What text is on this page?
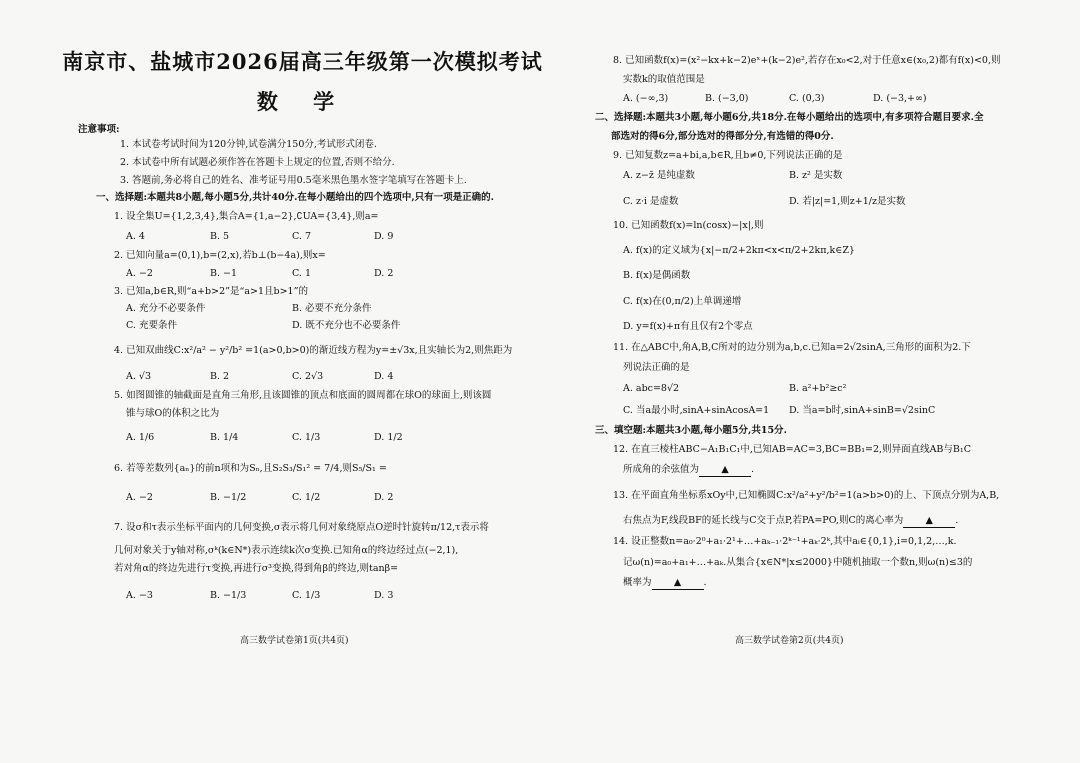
南京市、盐城市2026届高三年级第一次模拟考试
数 学
注意事项:
1. 本试卷考试时间为120分钟,试卷满分150分,考试形式闭卷.
2. 本试卷中所有试题必须作答在答题卡上规定的位置,否则不给分.
3. 答题前,务必将自己的姓名、准考证号用0.5毫米黑色墨水签字笔填写在答题卡上.
一、选择题:本题共8小题,每小题5分,共计40分.在每小题给出的四个选项中,只有一项是正确的.
1. 设全集U={1,2,3,4},集合A={1,a−2},∁UA={3,4},则a=
A. 4	B. 5	C. 7	D. 9
2. 已知向量a=(0,1),b=(2,x),若b⊥(b−4a),则x=
A. −2	B. −1	C. 1	D. 2
3. 已知a,b∈R,则“a+b>2”是“a>1且b>1”的
A. 充分不必要条件	B. 必要不充分条件
C. 充要条件	D. 既不充分也不必要条件
4. 已知双曲线C:x²/a² − y²/b² =1(a>0,b>0)的渐近线方程为y=±√3x,且实轴长为2,则焦距为
A. √3	B. 2	C. 2√3	D. 4
5. 如图圆锥的轴截面是直角三角形,且该圆锥的顶点和底面的圆周都在球O的球面上,则该圆
锥与球O的体积之比为
A. 1/6	B. 1/4	C. 1/3	D. 1/2
6. 若等差数列{aₙ}的前n项和为Sₙ,且S₂S₃/S₁² = 7/4,则S₅/S₁ =
A. −2	B. −1/2	C. 1/2	D. 2
7. 设σ和τ表示坐标平面内的几何变换,σ表示将几何对象绕原点O逆时针旋转π/12,τ表示将
几何对象关于y轴对称,σᵏ(k∈N*)表示连续k次σ变换.已知角α的终边经过点(−2,1),
若对角α的终边先进行τ变换,再进行σ³变换,得到角β的终边,则tanβ=
A. −3	B. −1/3	C. 1/3	D. 3
高三数学试卷第1页(共4页)
8. 已知函数f(x)=(x²−kx+k−2)eˣ+(k−2)e²,若存在x₀<2,对于任意x∈(x₀,2)都有f(x)<0,则
实数k的取值范围是
A. (−∞,3)	B. (−3,0)	C. (0,3)	D. (−3,+∞)
二、选择题:本题共3小题,每小题6分,共18分.在每小题给出的选项中,有多项符合题目要求.全
部选对的得6分,部分选对的得部分分,有选错的得0分.
9. 已知复数z=a+bi,a,b∈R,且b≠0,下列说法正确的是
A. z−z̄ 是纯虚数	B. z² 是实数
C. z·i 是虚数	D. 若|z|=1,则z+1/z是实数
10. 已知函数f(x)=ln(cosx)−|x|,则
A. f(x)的定义域为{x|−π/2+2kπ<x<π/2+2kπ,k∈Z}
B. f(x)是偶函数
C. f(x)在(0,π/2)上单调递增
D. y=f(x)+π有且仅有2个零点
11. 在△ABC中,角A,B,C所对的边分别为a,b,c.已知a=2√2sinA,三角形的面积为2.下
列说法正确的是
A. abc=8√2	B. a²+b²≥c²
C. 当a最小时,sinA+sinAcosA=1 D. 当a=b时,sinA+sinB=√2sinC
三、填空题:本题共3小题,每小题5分,共15分.
12. 在直三棱柱ABC−A₁B₁C₁中,已知AB=AC=3,BC=BB₁=2,则异面直线AB与B₁C
所成角的余弦值为 ▲ .
13. 在平面直角坐标系xOy中,已知椭圆C:x²/a²+y²/b²=1(a>b>0)的上、下顶点分别为A,B,
右焦点为F,线段BF的延长线与C交于点P,若PA=PO,则C的离心率为 ▲ .
14. 设正整数n=a₀·2⁰+a₁·2¹+…+aₖ₋₁·2ᵏ⁻¹+aₖ·2ᵏ,其中aᵢ∈{0,1},i=0,1,2,…,k.
记ω(n)=a₀+a₁+…+aₖ.从集合{x∈N*|x≤2000}中随机抽取一个数n,则ω(n)≤3的
概率为 ▲ .
高三数学试卷第2页(共4页)
